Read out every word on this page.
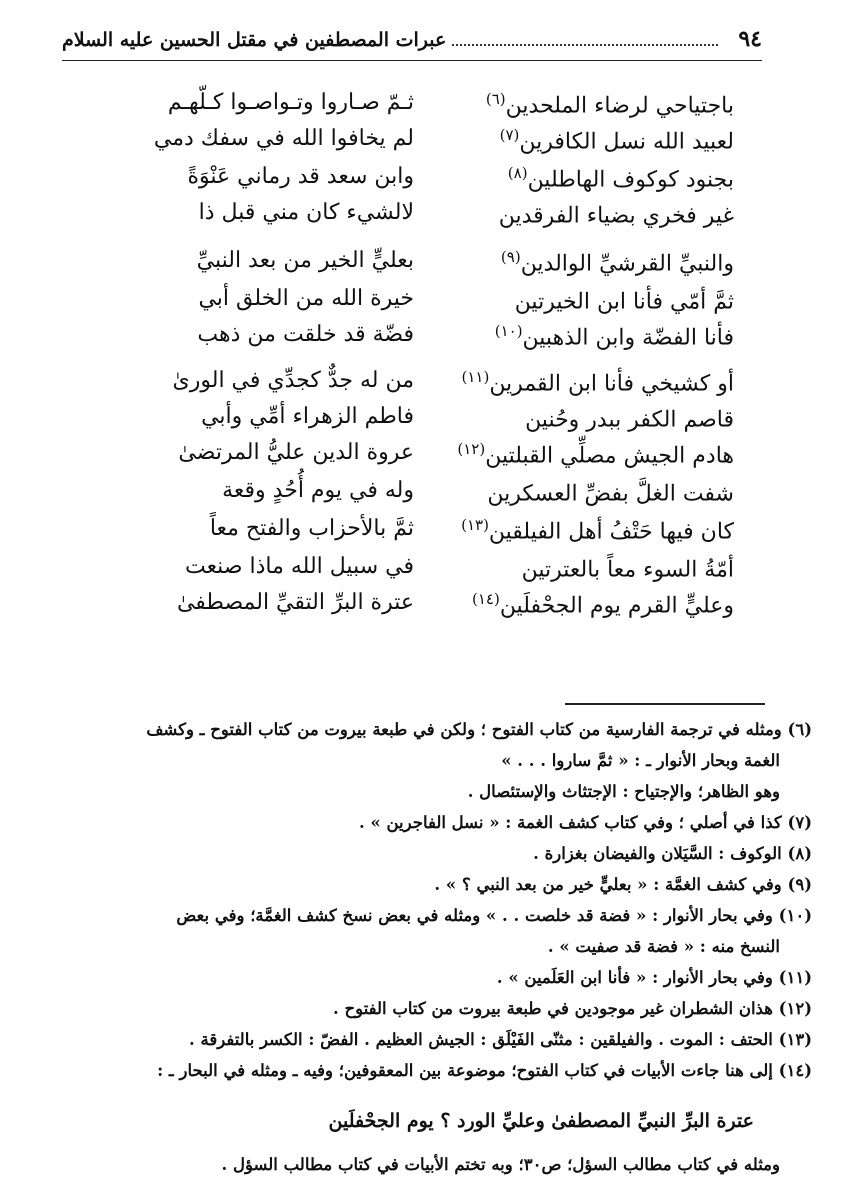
٩٤
عبرات المصطفين في مقتل الحسين عليه السلام
ثـمّ صـاروا وتـواصـوا كـلّهـم	باجتياحي لرضاء الملحدين$^{(٦)}$
لم يخافوا الله في سفك دمي	لعبيد الله نسل الكافرين$^{(٧)}$
وابن سعد قد رماني عَنْوَةً	بجنود كوكوف الهاطلين$^{(٨)}$
لالشيء كان مني قبل ذا	غير فخري بضياء الفرقدين
بعليٍّ الخير من بعد النبيِّ	والنبيِّ القرشيِّ الوالدين$^{(٩)}$
خيرة الله من الخلق أبي	ثمَّ أمّي فأنا ابن الخيرتين
فضّة قد خلقت من ذهب	فأنا الفضّة وابن الذهبين$^{(١٠)}$
من له جدٌّ كجدِّي في الورىٰ	أو كشيخي فأنا ابن القمرين$^{(١١)}$
فاطم الزهراء أمِّي وأبي	قاصم الكفر ببدر وحُنين
عروة الدين عليُّ المرتضىٰ	هادم الجيش مصلِّي القبلتين$^{(١٢)}$
وله في يوم أُحُدٍ وقعة	شفت الغلَّ بفضِّ العسكرين
ثمَّ بالأحزاب والفتح معاً	كان فيها حَتْفُ أهل الفيلقين$^{(١٣)}$
في سبيل الله ماذا صنعت	أمّةُ السوء معاً بالعترتين
عترة البرِّ التقيِّ المصطفىٰ	وعليٍّ القرم يوم الجحْفلَين$^{(١٤)}$
(٦) ومثله في ترجمة الفارسية من كتاب الفتوح ؛ ولكن في طبعة بيروت من كتاب الفتوح ـ وكشف
الغمة وبحار الأنوار ـ : « ثمَّ ساروا . . . »
وهو الظاهر؛ والإجتياح : الإجتثاث والإستئصال .
(٧) كذا في أصلي ؛ وفي كتاب كشف الغمة : « نسل الفاجرين » .
(٨) الوكوف : السَّيَلان والفيضان بغزارة .
(٩) وفي كشف الغمَّة : « بعليٍّ خير من بعد النبي ؟ » .
(١٠) وفي بحار الأنوار : « فضة قد خلصت . . » ومثله في بعض نسخ كشف الغمَّة؛ وفي بعض
النسخ منه : « فضة قد صفيت » .
(١١) وفي بحار الأنوار : « فأنا ابن العَلَمين » .
(١٢) هذان الشطران غير موجودين في طبعة بيروت من كتاب الفتوح .
(١٣) الحتف : الموت . والفيلقين : مثنّى الفَيْلَق : الجيش العظيم . الفضّ : الكسر بالتفرقة .
(١٤) إلى هنا جاءت الأبيات في كتاب الفتوح؛ موضوعة بين المعقوفين؛ وفيه ـ ومثله في البحار ـ :
عترة البرِّ النبيِّ المصطفىٰ وعليِّ الورد ؟ يوم الجحْفلَين
ومثله في كتاب مطالب السؤل؛ ص٣٠؛ وبه تختم الأبيات في كتاب مطالب السؤل .
